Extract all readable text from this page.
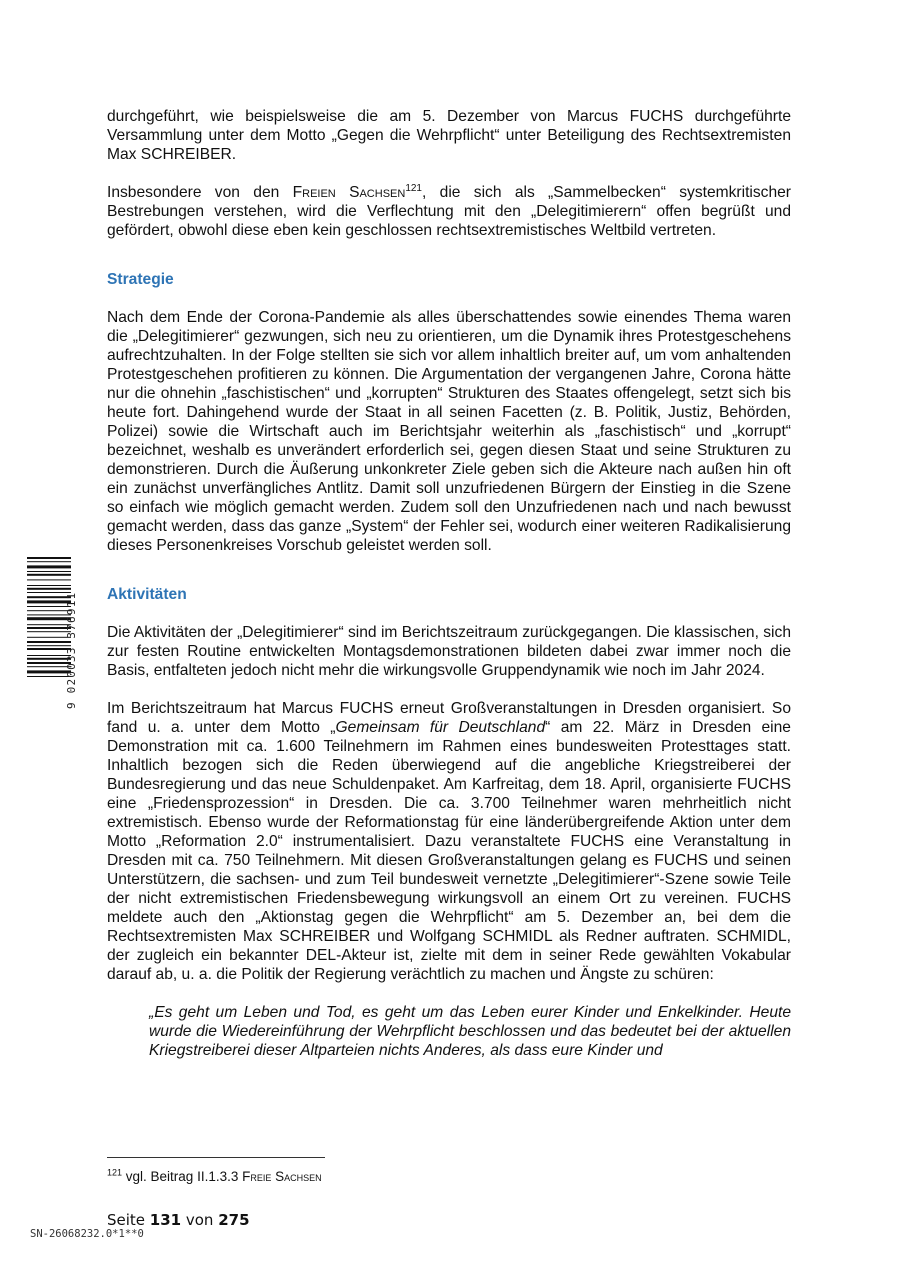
9 020033 376911

durchgeführt, wie beispielsweise die am 5. Dezember von Marcus FUCHS durchgeführte Versammlung unter dem Motto „Gegen die Wehrpflicht“ unter Beteiligung des Rechtsextremisten Max SCHREIBER.

Insbesondere von den Freien Sachsen$^{121}$, die sich als „Sammelbecken“ systemkritischer Bestrebungen verstehen, wird die Verflechtung mit den „Delegitimierern“ offen begrüßt und gefördert, obwohl diese eben kein geschlossen rechtsextremistisches Weltbild vertreten.

Strategie

Nach dem Ende der Corona-Pandemie als alles überschattendes sowie einendes Thema waren die „Delegitimierer“ gezwungen, sich neu zu orientieren, um die Dynamik ihres Protestgeschehens aufrechtzuhalten. In der Folge stellten sie sich vor allem inhaltlich breiter auf, um vom anhaltenden Protestgeschehen profitieren zu können. Die Argumentation der vergangenen Jahre, Corona hätte nur die ohnehin „faschistischen“ und „korrupten“ Strukturen des Staates offengelegt, setzt sich bis heute fort. Dahingehend wurde der Staat in all seinen Facetten (z. B. Politik, Justiz, Behörden, Polizei) sowie die Wirtschaft auch im Berichtsjahr weiterhin als „faschistisch“ und „korrupt“ bezeichnet, weshalb es unverändert erforderlich sei, gegen diesen Staat und seine Strukturen zu demonstrieren. Durch die Äußerung unkonkreter Ziele geben sich die Akteure nach außen hin oft ein zunächst unverfängliches Antlitz. Damit soll unzufriedenen Bürgern der Einstieg in die Szene so einfach wie möglich gemacht werden. Zudem soll den Unzufriedenen nach und nach bewusst gemacht werden, dass das ganze „System“ der Fehler sei, wodurch einer weiteren Radikalisierung dieses Personenkreises Vorschub geleistet werden soll.

Aktivitäten

Die Aktivitäten der „Delegitimierer“ sind im Berichtszeitraum zurückgegangen. Die klassischen, sich zur festen Routine entwickelten Montagsdemonstrationen bildeten dabei zwar immer noch die Basis, entfalteten jedoch nicht mehr die wirkungsvolle Gruppendynamik wie noch im Jahr 2024.

Im Berichtszeitraum hat Marcus FUCHS erneut Großveranstaltungen in Dresden organisiert. So fand u. a. unter dem Motto „Gemeinsam für Deutschland“ am 22. März in Dresden eine Demonstration mit ca. 1.600 Teilnehmern im Rahmen eines bundesweiten Protesttages statt. Inhaltlich bezogen sich die Reden überwiegend auf die angebliche Kriegstreiberei der Bundesregierung und das neue Schuldenpaket. Am Karfreitag, dem 18. April, organisierte FUCHS eine „Friedensprozession“ in Dresden. Die ca. 3.700 Teilnehmer waren mehrheitlich nicht extremistisch. Ebenso wurde der Reformationstag für eine länderübergreifende Aktion unter dem Motto „Reformation 2.0“ instrumentalisiert. Dazu veranstaltete FUCHS eine Veranstaltung in Dresden mit ca. 750 Teilnehmern. Mit diesen Großveranstaltungen gelang es FUCHS und seinen Unterstützern, die sachsen- und zum Teil bundesweit vernetzte „Delegitimierer“-Szene sowie Teile der nicht extremistischen Friedensbewegung wirkungsvoll an einem Ort zu vereinen. FUCHS meldete auch den „Aktionstag gegen die Wehrpflicht“ am 5. Dezember an, bei dem die Rechtsextremisten Max SCHREIBER und Wolfgang SCHMIDL als Redner auftraten. SCHMIDL, der zugleich ein bekannter DEL-Akteur ist, zielte mit dem in seiner Rede gewählten Vokabular darauf ab, u. a. die Politik der Regierung verächtlich zu machen und Ängste zu schüren:

„Es geht um Leben und Tod, es geht um das Leben eurer Kinder und Enkelkinder. Heute wurde die Wiedereinführung der Wehrpflicht beschlossen und das bedeutet bei der aktuellen Kriegstreiberei dieser Altparteien nichts Anderes, als dass eure Kinder und

$^{121}$ vgl. Beitrag II.1.3.3 Freie Sachsen
Seite 131 von 275
SN-26068232.0*1**0
